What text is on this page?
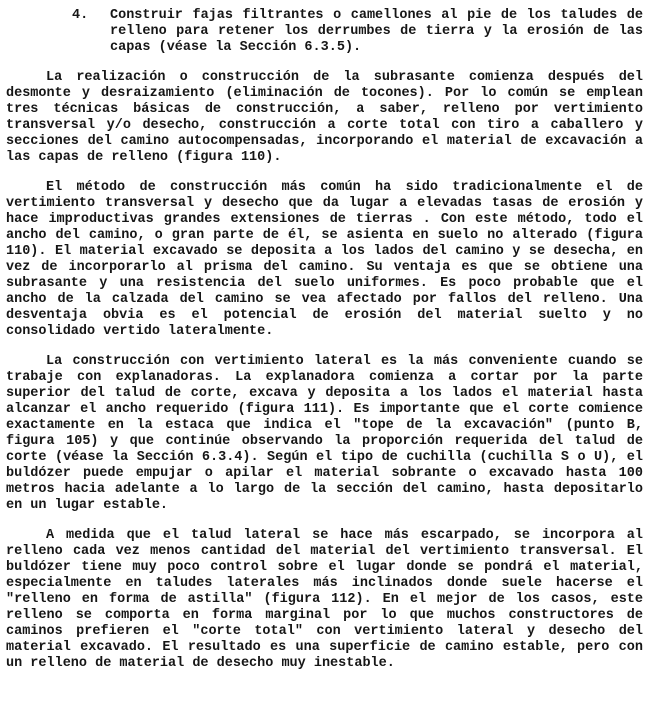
4.	Construir fajas filtrantes o camellones al pie de los taludes de relleno para retener los derrumbes de tierra y la erosión de las capas (véase la Sección 6.3.5).

La realización o construcción de la subrasante comienza después del desmonte y desraizamiento (eliminación de tocones). Por lo común se emplean tres técnicas básicas de construcción, a saber, relleno por vertimiento transversal y/o desecho, construcción a corte total con tiro a caballero y secciones del camino autocompensadas, incorporando el material de excavación a las capas de relleno (figura 110).

El método de construcción más común ha sido tradicionalmente el de vertimiento transversal y desecho que da lugar a elevadas tasas de erosión y hace improductivas grandes extensiones de tierras . Con este método, todo el ancho del camino, o gran parte de él, se asienta en suelo no alterado (figura 110). El material excavado se deposita a los lados del camino y se desecha, en vez de incorporarlo al prisma del camino. Su ventaja es que se obtiene una subrasante y una resistencia del suelo uniformes. Es poco probable que el ancho de la calzada del camino se vea afectado por fallos del relleno. Una desventaja obvia es el potencial de erosión del material suelto y no consolidado vertido lateralmente.

La construcción con vertimiento lateral es la más conveniente cuando se trabaje con explanadoras. La explanadora comienza a cortar por la parte superior del talud de corte, excava y deposita a los lados el material hasta alcanzar el ancho requerido (figura 111). Es importante que el corte comience exactamente en la estaca que indica el "tope de la excavación" (punto B, figura 105) y que continúe observando la proporción requerida del talud de corte (véase la Sección 6.3.4). Según el tipo de cuchilla (cuchilla S o U), el buldózer puede empujar o apilar el material sobrante o excavado hasta 100 metros hacia adelante a lo largo de la sección del camino, hasta depositarlo en un lugar estable.

A medida que el talud lateral se hace más escarpado, se incorpora al relleno cada vez menos cantidad del material del vertimiento transversal. El buldózer tiene muy poco control sobre el lugar donde se pondrá el material, especialmente en taludes laterales más inclinados donde suele hacerse el "relleno en forma de astilla" (figura 112). En el mejor de los casos, este relleno se comporta en forma marginal por lo que muchos constructores de caminos prefieren el "corte total" con vertimiento lateral y desecho del material excavado. El resultado es una superficie de camino estable, pero con un relleno de material de desecho muy inestable.
